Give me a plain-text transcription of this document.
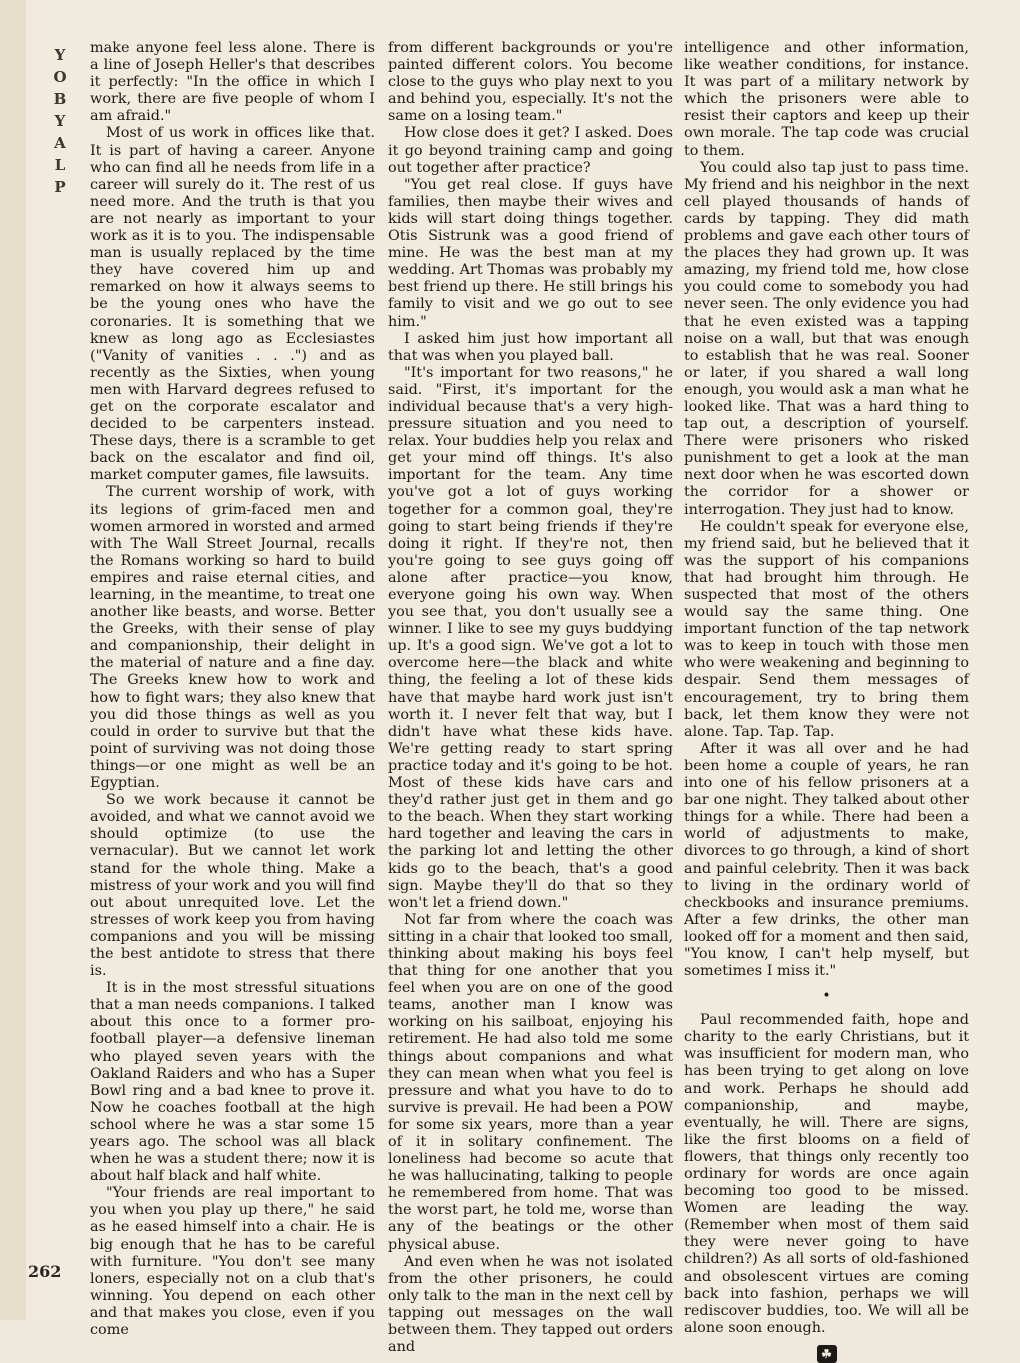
Y
O
B
Y
A
L
P
262

make anyone feel less alone. There is a line of Joseph Heller's that describes it perfectly: "In the office in which I work, there are five people of whom I am afraid."

Most of us work in offices like that. It is part of having a career. Anyone who can find all he needs from life in a career will surely do it. The rest of us need more. And the truth is that you are not nearly as important to your work as it is to you. The indispensable man is usually replaced by the time they have covered him up and remarked on how it always seems to be the young ones who have the coronaries. It is something that we knew as long ago as Ecclesiastes ("Vanity of vanities . . .") and as recently as the Sixties, when young men with Harvard degrees refused to get on the corporate escalator and decided to be carpenters instead. These days, there is a scramble to get back on the escalator and find oil, market computer games, file lawsuits.

The current worship of work, with its legions of grim-faced men and women armored in worsted and armed with The Wall Street Journal, recalls the Romans working so hard to build empires and raise eternal cities, and learning, in the meantime, to treat one another like beasts, and worse. Better the Greeks, with their sense of play and companionship, their delight in the material of nature and a fine day. The Greeks knew how to work and how to fight wars; they also knew that you did those things as well as you could in order to survive but that the point of surviving was not doing those things—or one might as well be an Egyptian.

So we work because it cannot be avoided, and what we cannot avoid we should optimize (to use the vernacular). But we cannot let work stand for the whole thing. Make a mistress of your work and you will find out about unrequited love. Let the stresses of work keep you from having companions and you will be missing the best antidote to stress that there is.

It is in the most stressful situations that a man needs companions. I talked about this once to a former pro-football player—a defensive lineman who played seven years with the Oakland Raiders and who has a Super Bowl ring and a bad knee to prove it. Now he coaches football at the high school where he was a star some 15 years ago. The school was all black when he was a student there; now it is about half black and half white.

"Your friends are real important to you when you play up there," he said as he eased himself into a chair. He is big enough that he has to be careful with furniture. "You don't see many loners, especially not on a club that's winning. You depend on each other and that makes you close, even if you come

from different backgrounds or you're painted different colors. You become close to the guys who play next to you and behind you, especially. It's not the same on a losing team."

How close does it get? I asked. Does it go beyond training camp and going out together after practice?

"You get real close. If guys have families, then maybe their wives and kids will start doing things together. Otis Sistrunk was a good friend of mine. He was the best man at my wedding. Art Thomas was probably my best friend up there. He still brings his family to visit and we go out to see him."

I asked him just how important all that was when you played ball.

"It's important for two reasons," he said. "First, it's important for the individual because that's a very high-pressure situation and you need to relax. Your buddies help you relax and get your mind off things. It's also important for the team. Any time you've got a lot of guys working together for a common goal, they're going to start being friends if they're doing it right. If they're not, then you're going to see guys going off alone after practice—you know, everyone going his own way. When you see that, you don't usually see a winner. I like to see my guys buddying up. It's a good sign. We've got a lot to overcome here—the black and white thing, the feeling a lot of these kids have that maybe hard work just isn't worth it. I never felt that way, but I didn't have what these kids have. We're getting ready to start spring practice today and it's going to be hot. Most of these kids have cars and they'd rather just get in them and go to the beach. When they start working hard together and leaving the cars in the parking lot and letting the other kids go to the beach, that's a good sign. Maybe they'll do that so they won't let a friend down."

Not far from where the coach was sitting in a chair that looked too small, thinking about making his boys feel that thing for one another that you feel when you are on one of the good teams, another man I know was working on his sailboat, enjoying his retirement. He had also told me some things about companions and what they can mean when what you feel is pressure and what you have to do to survive is prevail. He had been a POW for some six years, more than a year of it in solitary confinement. The loneliness had become so acute that he was hallucinating, talking to people he remembered from home. That was the worst part, he told me, worse than any of the beatings or the other physical abuse.

And even when he was not isolated from the other prisoners, he could only talk to the man in the next cell by tapping out messages on the wall between them. They tapped out orders and

intelligence and other information, like weather conditions, for instance. It was part of a military network by which the prisoners were able to resist their captors and keep up their own morale. The tap code was crucial to them.

You could also tap just to pass time. My friend and his neighbor in the next cell played thousands of hands of cards by tapping. They did math problems and gave each other tours of the places they had grown up. It was amazing, my friend told me, how close you could come to somebody you had never seen. The only evidence you had that he even existed was a tapping noise on a wall, but that was enough to establish that he was real. Sooner or later, if you shared a wall long enough, you would ask a man what he looked like. That was a hard thing to tap out, a description of yourself. There were prisoners who risked punishment to get a look at the man next door when he was escorted down the corridor for a shower or interrogation. They just had to know.

He couldn't speak for everyone else, my friend said, but he believed that it was the support of his companions that had brought him through. He suspected that most of the others would say the same thing. One important function of the tap network was to keep in touch with those men who were weakening and beginning to despair. Send them messages of encouragement, try to bring them back, let them know they were not alone. Tap. Tap. Tap.

After it was all over and he had been home a couple of years, he ran into one of his fellow prisoners at a bar one night. They talked about other things for a while. There had been a world of adjustments to make, divorces to go through, a kind of short and painful celebrity. Then it was back to living in the ordinary world of checkbooks and insurance premiums. After a few drinks, the other man looked off for a moment and then said, "You know, I can't help myself, but sometimes I miss it."

•

Paul recommended faith, hope and charity to the early Christians, but it was insufficient for modern man, who has been trying to get along on love and work. Perhaps he should add companionship, and maybe, eventually, he will. There are signs, like the first blooms on a field of flowers, that things only recently too ordinary for words are once again becoming too good to be missed. Women are leading the way. (Remember when most of them said they were never going to have children?) As all sorts of old-fashioned and obsolescent virtues are coming back into fashion, perhaps we will rediscover buddies, too. We will all be alone soon enough.

☘
